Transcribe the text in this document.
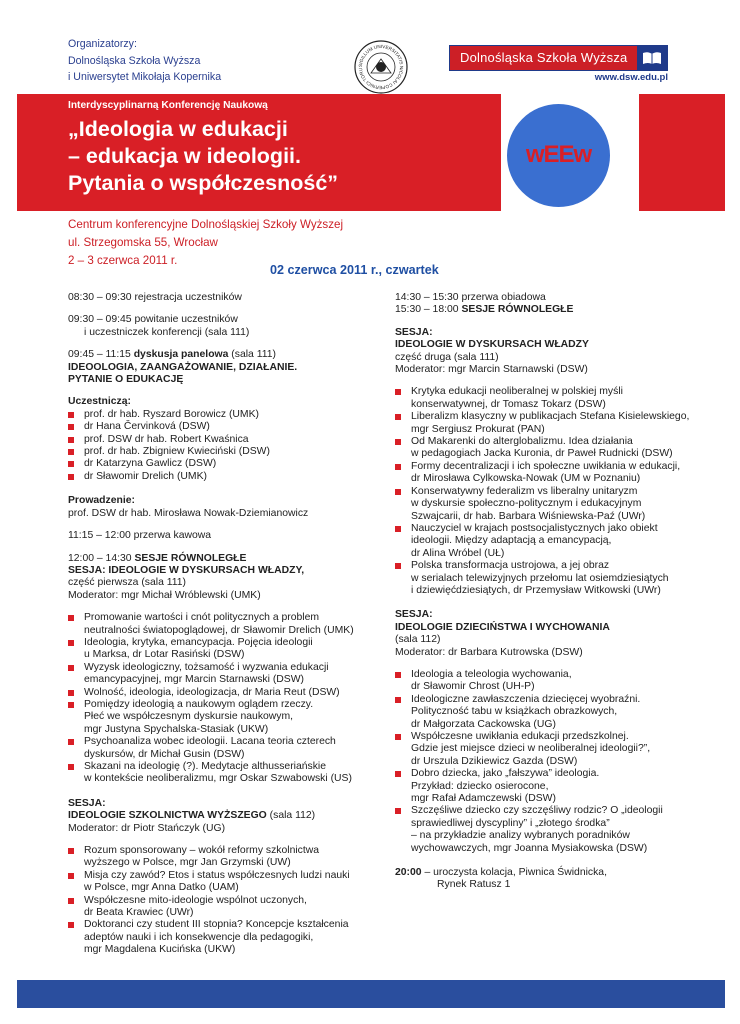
Organizatorzy:
Dolnośląska Szkoła Wyższa
i Uniwersytet Mikołaja Kopernika
SIGILLUM UNIVERSITATIS NICOLAI COPERNICI TORU
Dolnośląska Szkoła Wyższa
www.dsw.edu.pl
Interdyscyplinarną Konferencję Naukową
„Ideologia w edukacji
– edukacja w ideologii.
Pytania o współczesność”
wEEw
Centrum konferencyjne Dolnośląskiej Szkoły Wyższej
ul. Strzegomska 55, Wrocław
2 – 3 czerwca 2011 r.
02 czerwca 2011 r., czwartek

08:30 – 09:30 rejestracja uczestników

09:30 – 09:45 powitanie uczestników
i uczestniczek konferencji (sala 111)

09:45 – 11:15 dyskusja panelowa (sala 111)
IDEOOLOGIA, ZAANGAŻOWANIE, DZIAŁANIE.
PYTANIE O EDUKACJĘ

Uczestniczą:

prof. dr hab. Ryszard Borowicz (UMK)
dr Hana Červinková (DSW)
prof. DSW dr hab. Robert Kwaśnica
prof. dr hab. Zbigniew Kwieciński (DSW)
dr Katarzyna Gawlicz (DSW)
dr Sławomir Drelich (UMK)

Prowadzenie:
prof. DSW dr hab. Mirosława Nowak-Dziemianowicz

11:15 – 12:00 przerwa kawowa

12:00 – 14:30 SESJE RÓWNOLEGŁE
SESJA: IDEOLOGIE W DYSKURSACH WŁADZY,
część pierwsza (sala 111)
Moderator: mgr Michał Wróblewski (UMK)

Promowanie wartości i cnót politycznych a problem
neutralności światopoglądowej, dr Sławomir Drelich (UMK)
Ideologia, krytyka, emancypacja. Pojęcia ideologii
u Marksa, dr Lotar Rasiński (DSW)
Wyzysk ideologiczny, tożsamość i wyzwania edukacji
emancypacyjnej, mgr Marcin Starnawski (DSW)
Wolność, ideologia, ideologizacja, dr Maria Reut (DSW)
Pomiędzy ideologią a naukowym oglądem rzeczy.
Płeć we współczesnym dyskursie naukowym,
mgr Justyna Spychalska-Stasiak (UKW)
Psychoanaliza wobec ideologii. Lacana teoria czterech
dyskursów, dr Michał Gusin (DSW)
Skazani na ideologię (?). Medytacje althusseriańskie
w kontekście neoliberalizmu, mgr Oskar Szwabowski (US)

SESJA:
IDEOLOGIE SZKOLNICTWA WYŻSZEGO (sala 112)
Moderator: dr Piotr Stańczyk (UG)

Rozum sponsorowany – wokół reformy szkolnictwa
wyższego w Polsce, mgr Jan Grzymski (UW)
Misja czy zawód? Etos i status współczesnych ludzi nauki
w Polsce, mgr Anna Datko (UAM)
Współczesne mito-ideologie wspólnot uczonych,
dr Beata Krawiec (UWr)
Doktoranci czy student III stopnia? Koncepcje kształcenia
adeptów nauki i ich konsekwencje dla pedagogiki,
mgr Magdalena Kucińska (UKW)

14:30 – 15:30 przerwa obiadowa

15:30 – 18:00 SESJE RÓWNOLEGŁE

SESJA:
IDEOLOGIE W DYSKURSACH WŁADZY
część druga (sala 111)
Moderator: mgr Marcin Starnawski (DSW)

Krytyka edukacji neoliberalnej w polskiej myśli
konserwatywnej, dr Tomasz Tokarz (DSW)
Liberalizm klasyczny w publikacjach Stefana Kisielewskiego,
mgr Sergiusz Prokurat (PAN)
Od Makarenki do alterglobalizmu. Idea działania
w pedagogiach Jacka Kuronia, dr Paweł Rudnicki (DSW)
Formy decentralizacji i ich społeczne uwikłania w edukacji,
dr Mirosława Cylkowska-Nowak (UM w Poznaniu)
Konserwatywny federalizm vs liberalny unitaryzm
w dyskursie społeczno-politycznym i edukacyjnym
Szwajcarii, dr hab. Barbara Wiśniewska-Paź (UWr)
Nauczyciel w krajach postsocjalistycznych jako obiekt
ideologii. Między adaptacją a emancypacją,
dr Alina Wróbel (UŁ)
Polska transformacja ustrojowa, a jej obraz
w serialach telewizyjnych przełomu lat osiemdziesiątych
i dziewięćdziesiątych, dr Przemysław Witkowski (UWr)

SESJA:
IDEOLOGIE DZIECIŃSTWA I WYCHOWANIA
(sala 112)
Moderator: dr Barbara Kutrowska (DSW)

Ideologia a teleologia wychowania,
dr Sławomir Chrost (UH-P)
Ideologiczne zawłaszczenia dziecięcej wyobraźni.
Polityczność tabu w książkach obrazkowych,
dr Małgorzata Cackowska (UG)
Współczesne uwikłania edukacji przedszkolnej.
Gdzie jest miejsce dzieci w neoliberalnej ideologii?”,
dr Urszula Dzikiewicz Gazda (DSW)
Dobro dziecka, jako „fałszywa” ideologia.
Przykład: dziecko osierocone,
mgr Rafał Adamczewski (DSW)
Szczęśliwe dziecko czy szczęśliwy rodzic? O „ideologii
sprawiedliwej dyscypliny” i „złotego środka”
– na przykładzie analizy wybranych poradników
wychowawczych, mgr Joanna Mysiakowska (DSW)

20:00 – uroczysta kolacja, Piwnica Świdnicka,
Rynek Ratusz 1
